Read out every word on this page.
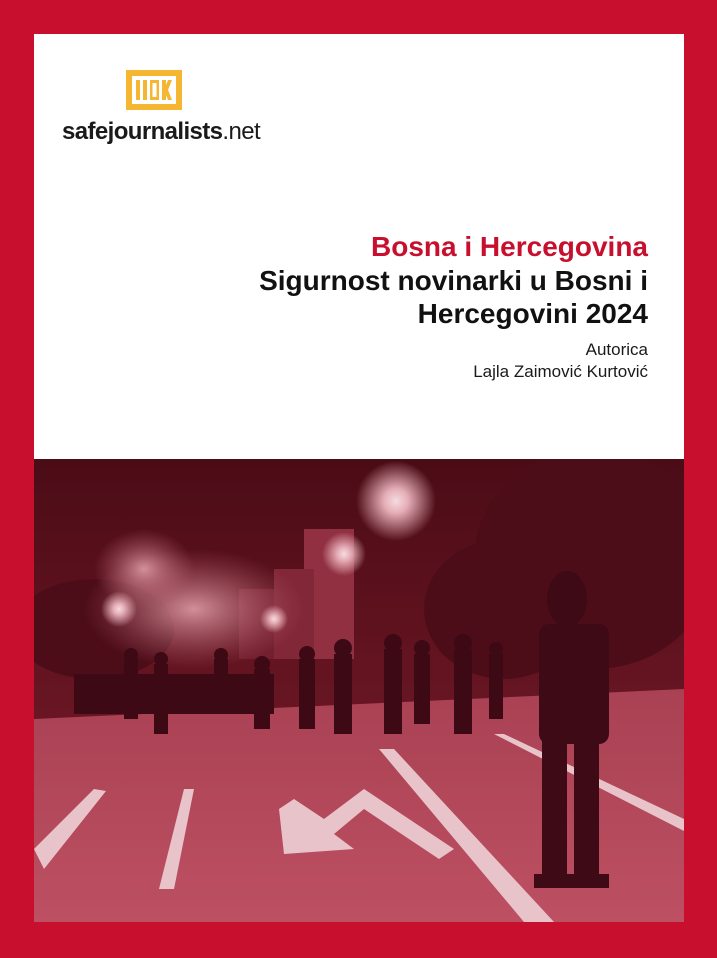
safejournalists.net
Bosna i Hercegovina
Sigurnost novinarki u Bosni i
Hercegovini 2024
Autorica
Lajla Zaimović Kurtović
